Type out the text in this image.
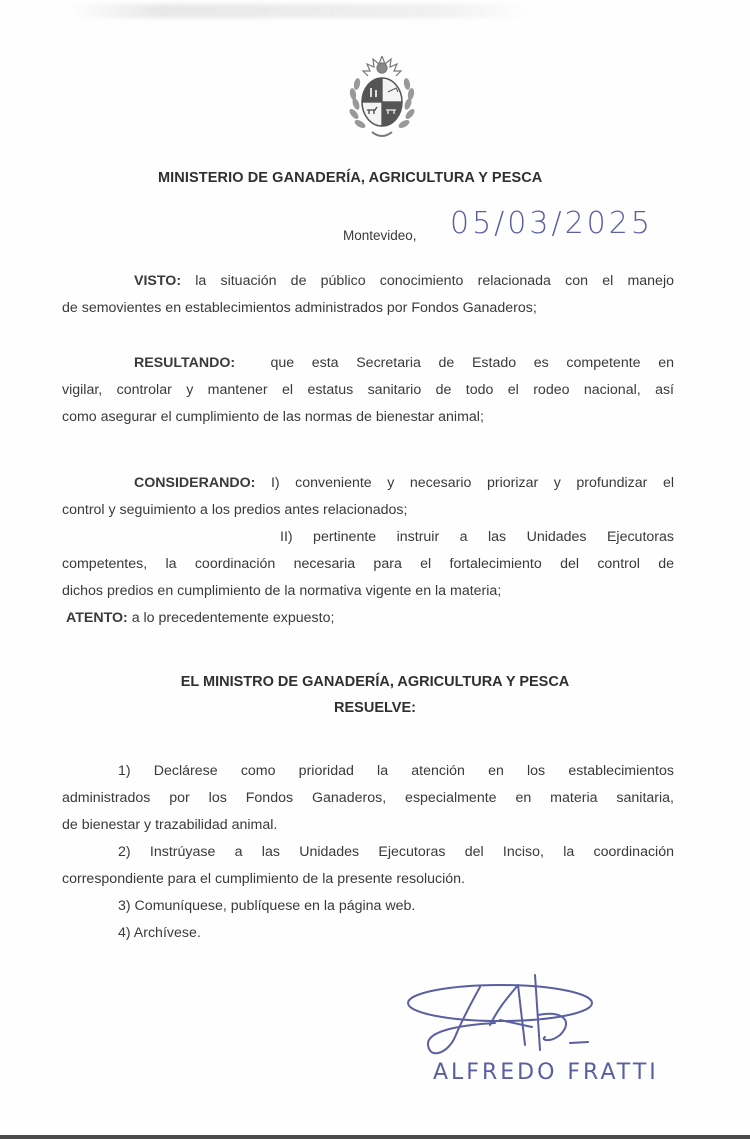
MINISTERIO DE GANADERÍA, AGRICULTURA Y PESCA
Montevideo, 05/03/2025
VISTO: la situación de público conocimiento relacionada con el manejo
de semovientes en establecimientos administrados por Fondos Ganaderos;
RESULTANDO: que esta Secretaria de Estado es competente en
vigilar, controlar y mantener el estatus sanitario de todo el rodeo nacional, así
como asegurar el cumplimiento de las normas de bienestar animal;
CONSIDERANDO: I) conveniente y necesario priorizar y profundizar el
control y seguimiento a los predios antes relacionados;
II) pertinente instruir a las Unidades Ejecutoras
competentes, la coordinación necesaria para el fortalecimiento del control de
dichos predios en cumplimiento de la normativa vigente en la materia;
ATENTO: a lo precedentemente expuesto;
EL MINISTRO DE GANADERÍA, AGRICULTURA Y PESCA
RESUELVE:
1) Declárese como prioridad la atención en los establecimientos
administrados por los Fondos Ganaderos, especialmente en materia sanitaria,
de bienestar y trazabilidad animal.
2) Instrúyase a las Unidades Ejecutoras del Inciso, la coordinación
correspondiente para el cumplimiento de la presente resolución.
3) Comuníquese, publíquese en la página web.
4) Archívese.
ALFREDO FRATTI
